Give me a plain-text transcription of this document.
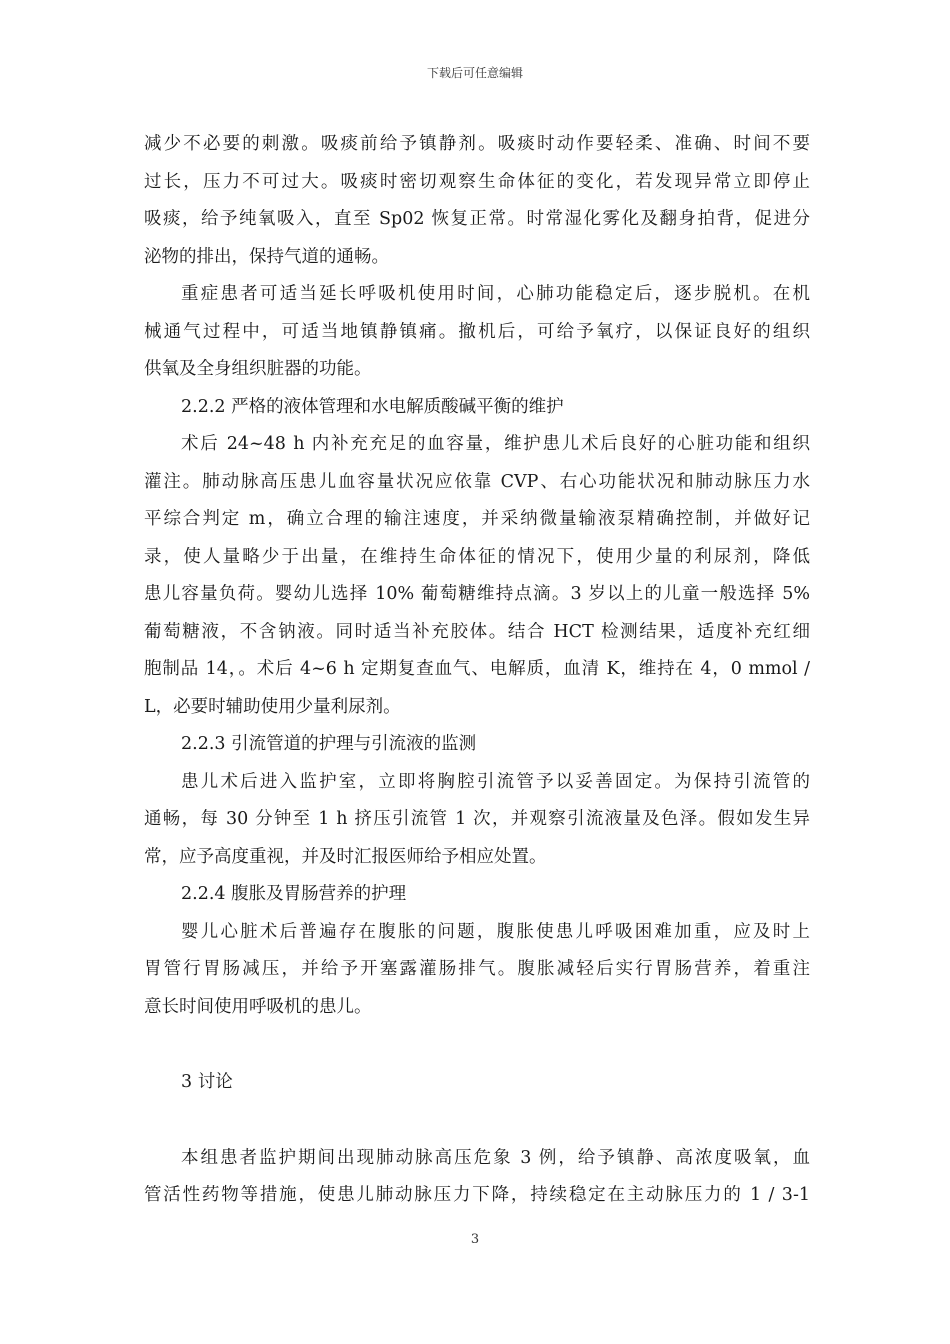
下载后可任意编辑
减少不必要的刺激。吸痰前给予镇静剂。吸痰时动作要轻柔、准确、时间不要
过长，压力不可过大。吸痰时密切观察生命体征的变化，若发现异常立即停止
吸痰，给予纯氧吸入，直至 Sp02 恢复正常。时常湿化雾化及翻身拍背，促进分
泌物的排出，保持气道的通畅。
重症患者可适当延长呼吸机使用时间，心肺功能稳定后，逐步脱机。在机
械通气过程中，可适当地镇静镇痛。撤机后，可给予氧疗，以保证良好的组织
供氧及全身组织脏器的功能。
2.2.2 严格的液体管理和水电解质酸碱平衡的维护
术后 24~48 h 内补充充足的血容量，维护患儿术后良好的心脏功能和组织
灌注。肺动脉高压患儿血容量状况应依靠 CVP、右心功能状况和肺动脉压力水
平综合判定 m，确立合理的输注速度，并采纳微量输液泵精确控制，并做好记
录，使人量略少于出量，在维持生命体征的情况下，使用少量的利尿剂，降低
患儿容量负荷。婴幼儿选择 10% 葡萄糖维持点滴。3 岁以上的儿童一般选择 5%
葡萄糖液，不含钠液。同时适当补充胶体。结合 HCT 检测结果，适度补充红细
胞制品 14，。术后 4~6 h 定期复查血气、电解质，血清 K，维持在 4，0 mmol /
L，必要时辅助使用少量利尿剂。
2.2.3 引流管道的护理与引流液的监测
患儿术后进入监护室，立即将胸腔引流管予以妥善固定。为保持引流管的
通畅，每 30 分钟至 1 h 挤压引流管 1 次，并观察引流液量及色泽。假如发生异
常，应予高度重视，并及时汇报医师给予相应处置。
2.2.4 腹胀及胃肠营养的护理
婴儿心脏术后普遍存在腹胀的问题，腹胀使患儿呼吸困难加重，应及时上
胃管行胃肠减压，并给予开塞露灌肠排气。腹胀减轻后实行胃肠营养，着重注
意长时间使用呼吸机的患儿。
3 讨论
本组患者监护期间出现肺动脉高压危象 3 例，给予镇静、高浓度吸氧，血
管活性药物等措施，使患儿肺动脉压力下降，持续稳定在主动脉压力的 1 / 3-1
3
